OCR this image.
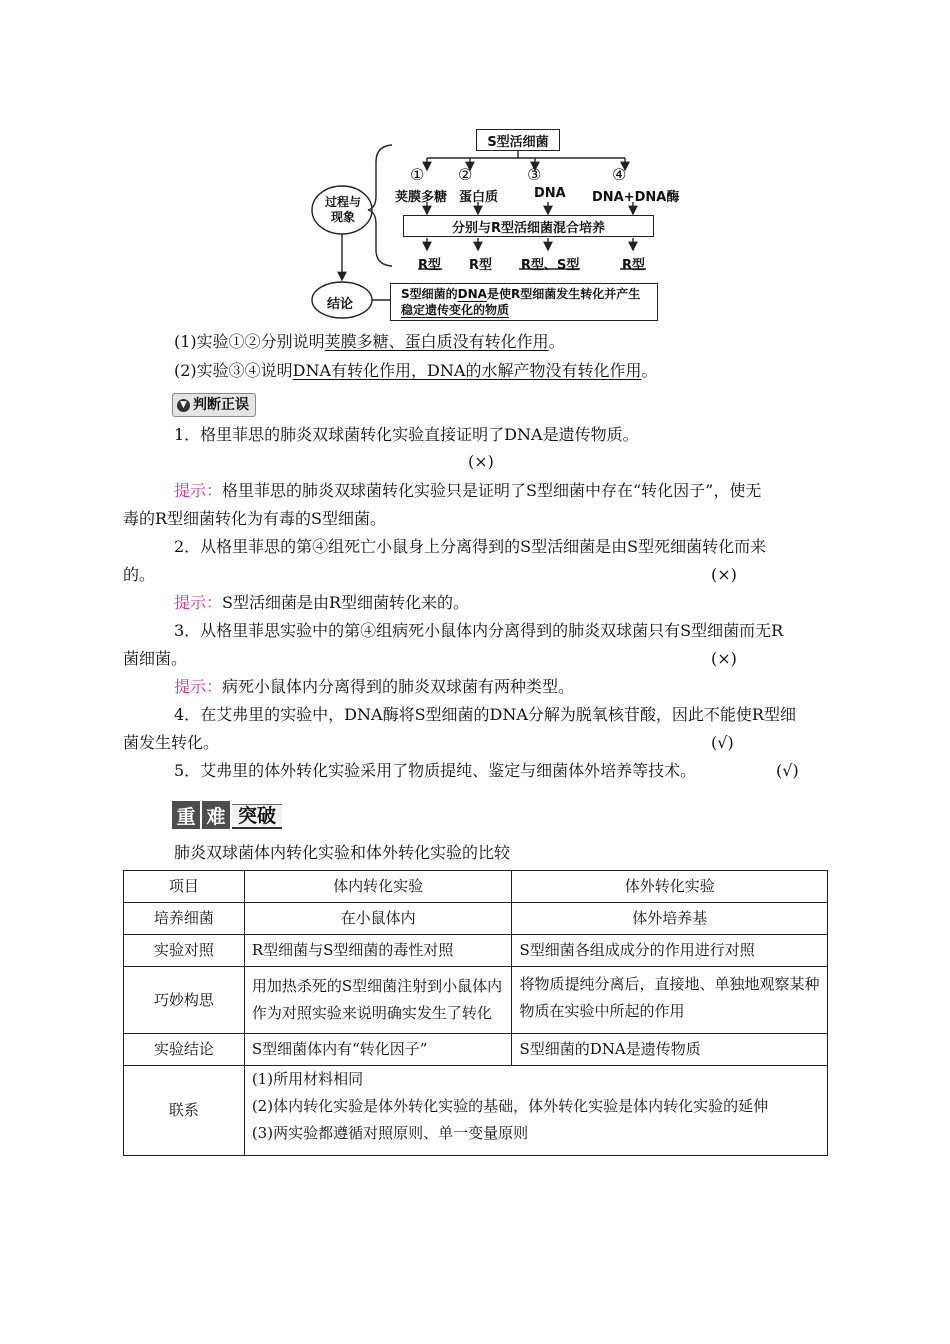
S型活细菌
① ②	③	④
荚膜多糖 蛋白质	DNA DNA+DNA酶
分别与R型活细菌混合培养
R型 R型 R型、S型	R型
过程与现象
结论
S型细菌的DNA是使R型细菌发生转化并产生稳定遗传变化的物质
(1)实验①②分别说明荚膜多糖、蛋白质没有转化作用。
(2)实验③④说明DNA有转化作用，DNA的水解产物没有转化作用。
▼ 判断正误
1．格里菲思的肺炎双球菌转化实验直接证明了DNA是遗传物质。
(×)
提示：格里菲思的肺炎双球菌转化实验只是证明了S型细菌中存在“转化因子”，使无
毒的R型细菌转化为有毒的S型细菌。
2．从格里菲思的第④组死亡小鼠身上分离得到的S型活细菌是由S型死细菌转化而来
的。	(×)
提示：S型活细菌是由R型细菌转化来的。
3．从格里菲思实验中的第④组病死小鼠体内分离得到的肺炎双球菌只有S型细菌而无R
菌细菌。	(×)
提示：病死小鼠体内分离得到的肺炎双球菌有两种类型。
4．在艾弗里的实验中，DNA酶将S型细菌的DNA分解为脱氧核苷酸，因此不能使R型细
菌发生转化。	(√)
5．艾弗里的体外转化实验采用了物质提纯、鉴定与细菌体外培养等技术。	(√)
重 难 突破
肺炎双球菌体内转化实验和体外转化实验的比较
项目	体内转化实验	体外转化实验
培养细菌	在小鼠体内	体外培养基
实验对照	R型细菌与S型细菌的毒性对照	S型细菌各组成成分的作用进行对照
巧妙构思	用加热杀死的S型细菌注射到小鼠体内作为对照实验来说明确实发生了转化	将物质提纯分离后，直接地、单独地观察某种物质在实验中所起的作用
实验结论	S型细菌体内有“转化因子”	S型细菌的DNA是遗传物质
联系	(1)所用材料相同
(2)体内转化实验是体外转化实验的基础，体外转化实验是体内转化实验的延伸
(3)两实验都遵循对照原则、单一变量原则	
